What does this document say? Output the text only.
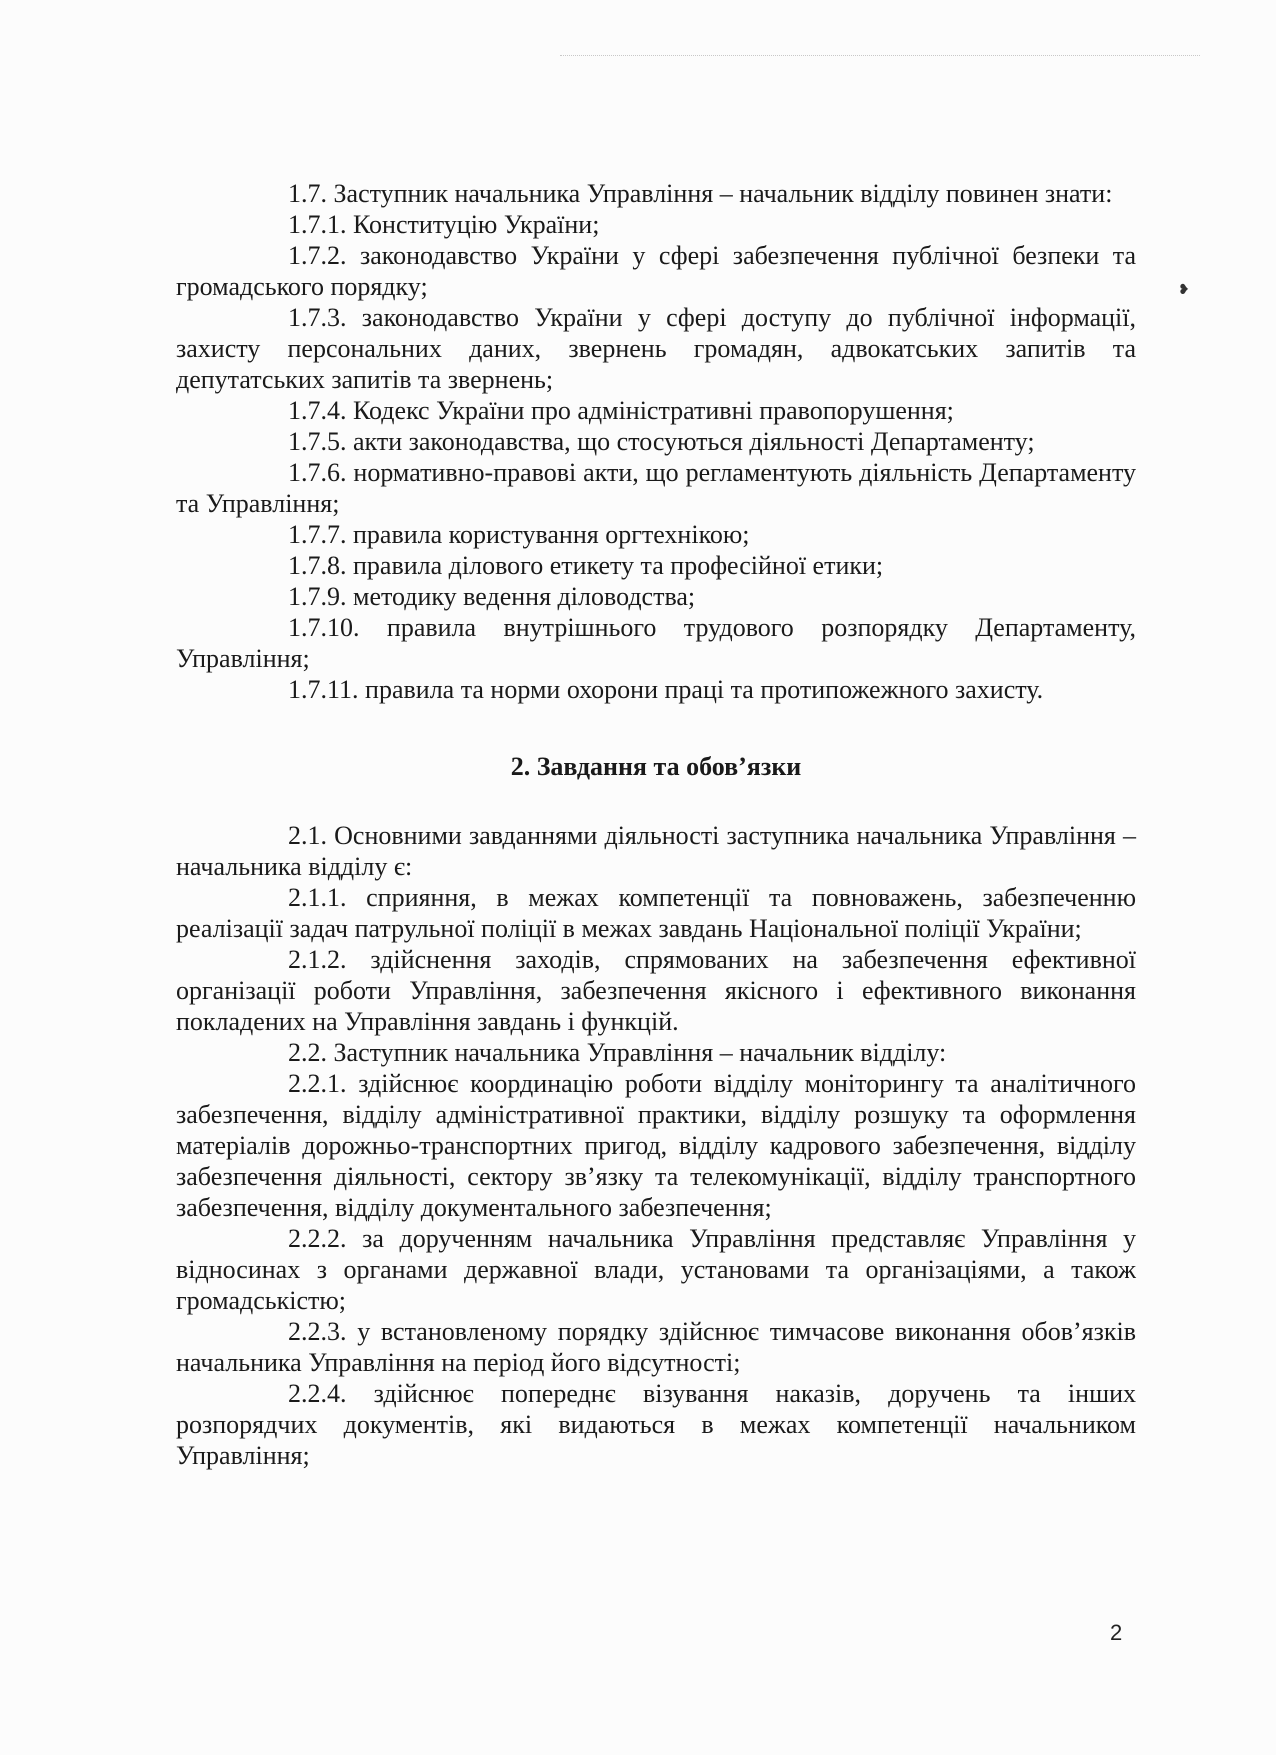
❥

1.7. Заступник начальника Управління – начальник відділу повинен знати:

1.7.1. Конституцію України;

1.7.2. законодавство України у сфері забезпечення публічної безпеки та громадського порядку;

1.7.3. законодавство України у сфері доступу до публічної інформації, захисту персональних даних, звернень громадян, адвокатських запитів та депутатських запитів та звернень;

1.7.4. Кодекс України про адміністративні правопорушення;

1.7.5. акти законодавства, що стосуються діяльності Департаменту;

1.7.6. нормативно-правові акти, що регламентують діяльність Департаменту та Управління;

1.7.7. правила користування оргтехнікою;

1.7.8. правила ділового етикету та професійної етики;

1.7.9. методику ведення діловодства;

1.7.10. правила внутрішнього трудового розпорядку Департаменту, Управління;

1.7.11. правила та норми охорони праці та протипожежного захисту.

2. Завдання та обов’язки

2.1. Основними завданнями діяльності заступника начальника Управління – начальника відділу є:

2.1.1. сприяння, в межах компетенції та повноважень, забезпеченню реалізації задач патрульної поліції в межах завдань Національної поліції України;

2.1.2. здійснення заходів, спрямованих на забезпечення ефективної організації роботи Управління, забезпечення якісного і ефективного виконання покладених на Управління завдань і функцій.

2.2. Заступник начальника Управління – начальник відділу:

2.2.1. здійснює координацію роботи відділу моніторингу та аналітичного забезпечення, відділу адміністративної практики, відділу розшуку та оформлення матеріалів дорожньо-транспортних пригод, відділу кадрового забезпечення, відділу забезпечення діяльності, сектору зв’язку та телекомунікації, відділу транспортного забезпечення, відділу документального забезпечення;

2.2.2. за дорученням начальника Управління представляє Управління у відносинах з органами державної влади, установами та організаціями, а також громадськістю;

2.2.3. у встановленому порядку здійснює тимчасове виконання обов’язків начальника Управління на період його відсутності;

2.2.4. здійснює попереднє візування наказів, доручень та інших розпорядчих документів, які видаються в межах компетенції начальником Управління;

2
